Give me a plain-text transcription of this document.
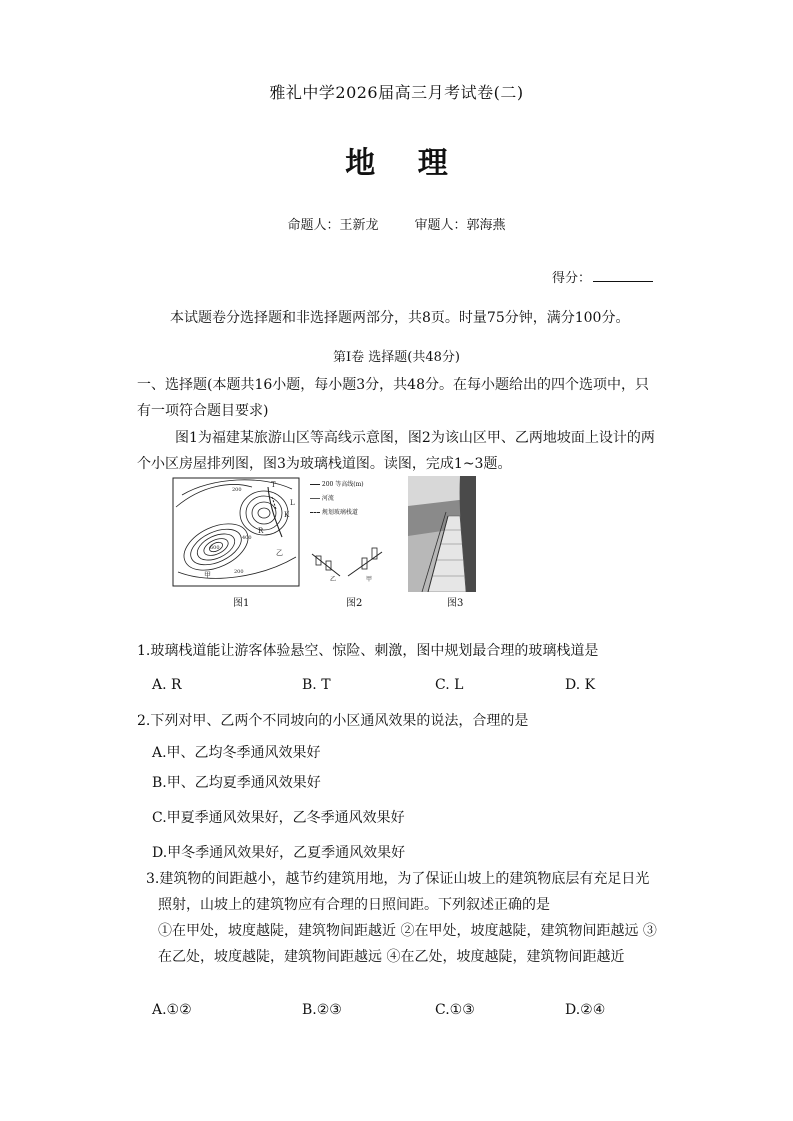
雅礼中学2026届高三月考试卷(二)
地 理
命题人：王新龙	审题人：郭海燕
得分：
本试题卷分选择题和非选择题两部分，共8页。时量75分钟，满分100分。
第Ⅰ卷 选择题(共48分)
一、选择题(本题共16小题，每小题3分，共48分。在每小题给出的四个选项中，只有一项符合题目要求)
图1为福建某旅游山区等高线示意图，图2为该山区甲、乙两地坡面上设计的两个小区房屋排列图，图3为玻璃栈道图。读图，完成1~3题。
T
K
L
R
甲
乙
200
600
400
200
200 等高线(m)
河流
规划玻璃栈道
乙	甲
图1	图2	图3
1.玻璃栈道能让游客体验悬空、惊险、刺激，图中规划最合理的玻璃栈道是
A. R	B. T	C. L	D. K
2.下列对甲、乙两个不同坡向的小区通风效果的说法，合理的是
A.甲、乙均冬季通风效果好
B.甲、乙均夏季通风效果好
C.甲夏季通风效果好，乙冬季通风效果好
D.甲冬季通风效果好，乙夏季通风效果好
3.建筑物的间距越小，越节约建筑用地，为了保证山坡上的建筑物底层有充足日光照射，山坡上的建筑物应有合理的日照间距。下列叙述正确的是
①在甲处，坡度越陡，建筑物间距越近 ②在甲处，坡度越陡，建筑物间距越远 ③在乙处，坡度越陡，建筑物间距越远 ④在乙处，坡度越陡，建筑物间距越近
A.①②	B.②③	C.①③	D.②④
